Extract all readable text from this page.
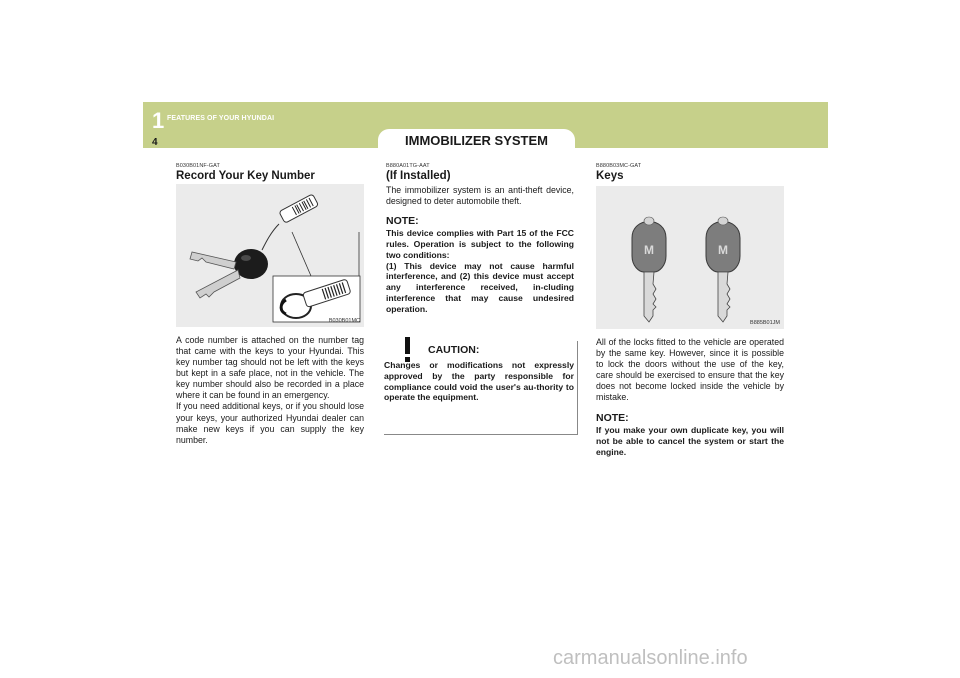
1 FEATURES OF YOUR HYUNDAI
4	IMMOBILIZER SYSTEM
B030B01NF-GAT
Record Your Key Number
B030B01MC

A code number is attached on the number tag that came with the keys to your Hyundai. This key number tag should not be left with the keys but kept in a safe place, not in the vehicle. The key number should also be recorded in a place where it can be found in an emergency.

If you need additional keys, or if you should lose your keys, your authorized Hyundai dealer can make new keys if you can supply the key number.

B880A01TG-AAT
(If Installed)

The immobilizer system is an anti-theft device, designed to deter automobile theft.

NOTE:

This device complies with Part 15 of the FCC rules. Operation is subject to the following two conditions:

(1) This device may not cause harmful interference, and (2) this device must accept any interference received, in-cluding interference that may cause undesired operation.

CAUTION:

Changes or modifications not expressly approved by the party responsible for compliance could void the user's au-thority to operate the equipment.

B880B03MC-GAT
Keys
M	M
B885B01JM

All of the locks fitted to the vehicle are operated by the same key. However, since it is possible to lock the doors without the use of the key, care should be exercised to ensure that the key does not become locked inside the vehicle by mistake.

NOTE:

If you make your own duplicate key, you will not be able to cancel the system or start the engine.

carmanualsonline.info
